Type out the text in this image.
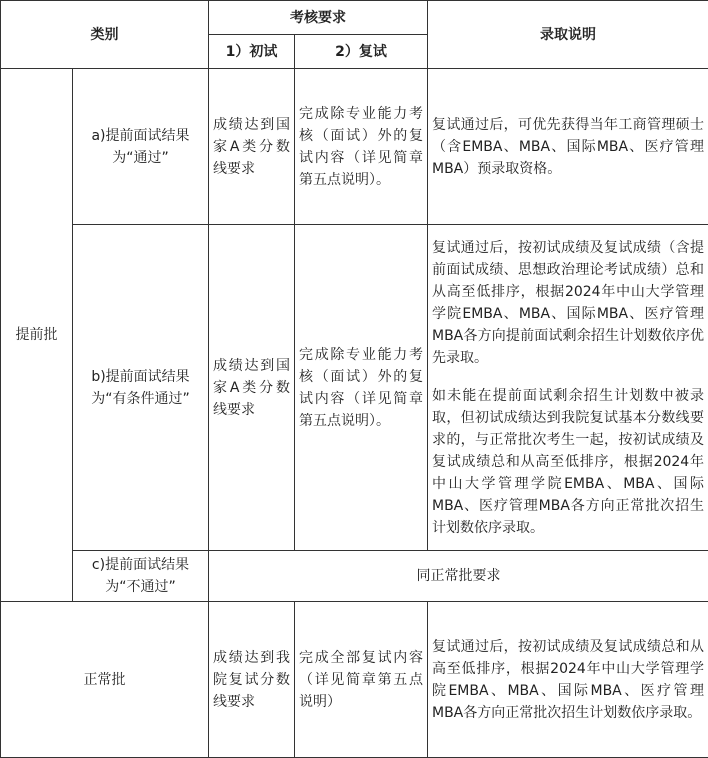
类别		考核要求		录取说明
		1）初试	2）复试	
提前批	a)提前面试结果为“通过”	成绩达到国家A类分数线要求	完成除专业能力考核（面试）外的复试内容（详见简章第五点说明）。	复试通过后，可优先获得当年工商管理硕士（含EMBA、MBA、国际MBA、医疗管理MBA）预录取资格。
	b)提前面试结果为“有条件通过”	成绩达到国家A类分数线要求	完成除专业能力考核（面试）外的复试内容（详见简章第五点说明）。	复试通过后，按初试成绩及复试成绩（含提前面试成绩、思想政治理论考试成绩）总和从高至低排序，根据2024年中山大学管理学院EMBA、MBA、国际MBA、医疗管理MBA各方向提前面试剩余招生计划数依序优先录取。

如未能在提前面试剩余招生计划数中被录取，但初试成绩达到我院复试基本分数线要求的，与正常批次考生一起，按初试成绩及复试成绩总和从高至低排序，根据2024年中山大学管理学院EMBA、MBA、国际MBA、医疗管理MBA各方向正常批次招生计划数依序录取。

	c)提前面试结果为“不通过”	同正常批要求		
正常批		成绩达到我院复试分数线要求	完成全部复试内容（详见简章第五点说明）	复试通过后，按初试成绩及复试成绩总和从高至低排序，根据2024年中山大学管理学院EMBA、MBA、国际MBA、医疗管理MBA各方向正常批次招生计划数依序录取。
